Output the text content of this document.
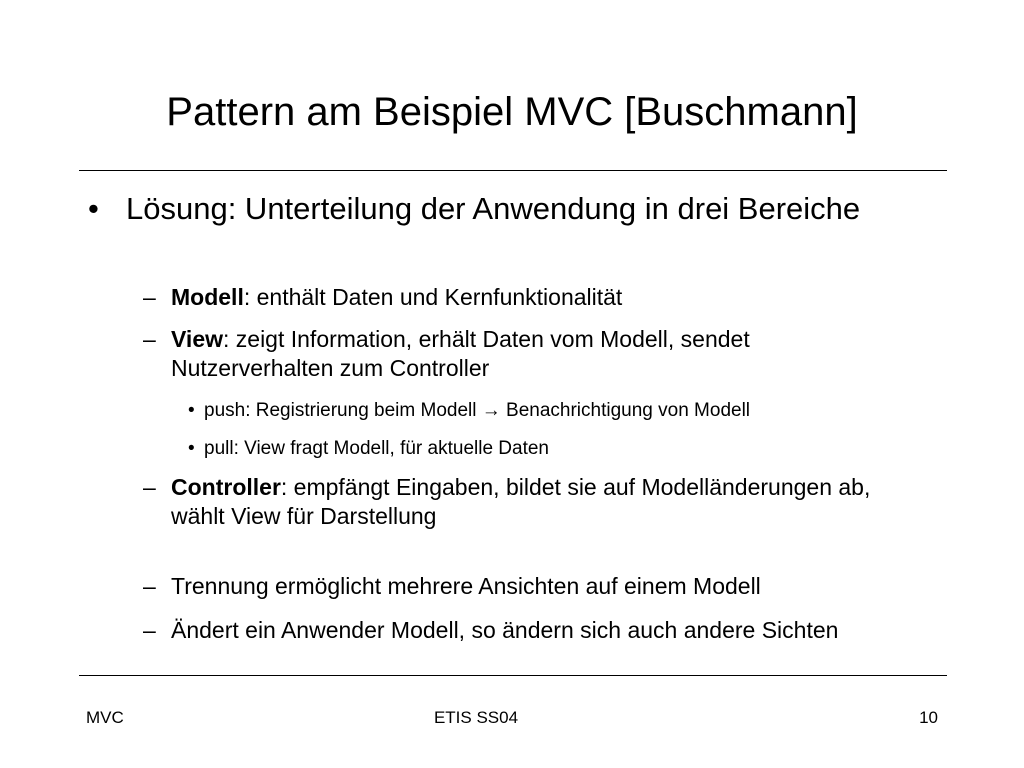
Pattern am Beispiel MVC [Buschmann]
• Lösung: Unterteilung der Anwendung in drei Bereiche
– Modell: enthält Daten und Kernfunktionalität
– View: zeigt Information, erhält Daten vom Modell, sendet Nutzerverhalten zum Controller
• push: Registrierung beim Modell → Benachrichtigung von Modell
• pull: View fragt Modell, für aktuelle Daten
– Controller: empfängt Eingaben, bildet sie auf Modelländerungen ab, wählt View für Darstellung
– Trennung ermöglicht mehrere Ansichten auf einem Modell
– Ändert ein Anwender Modell, so ändern sich auch andere Sichten
MVC	ETIS SS04	10
